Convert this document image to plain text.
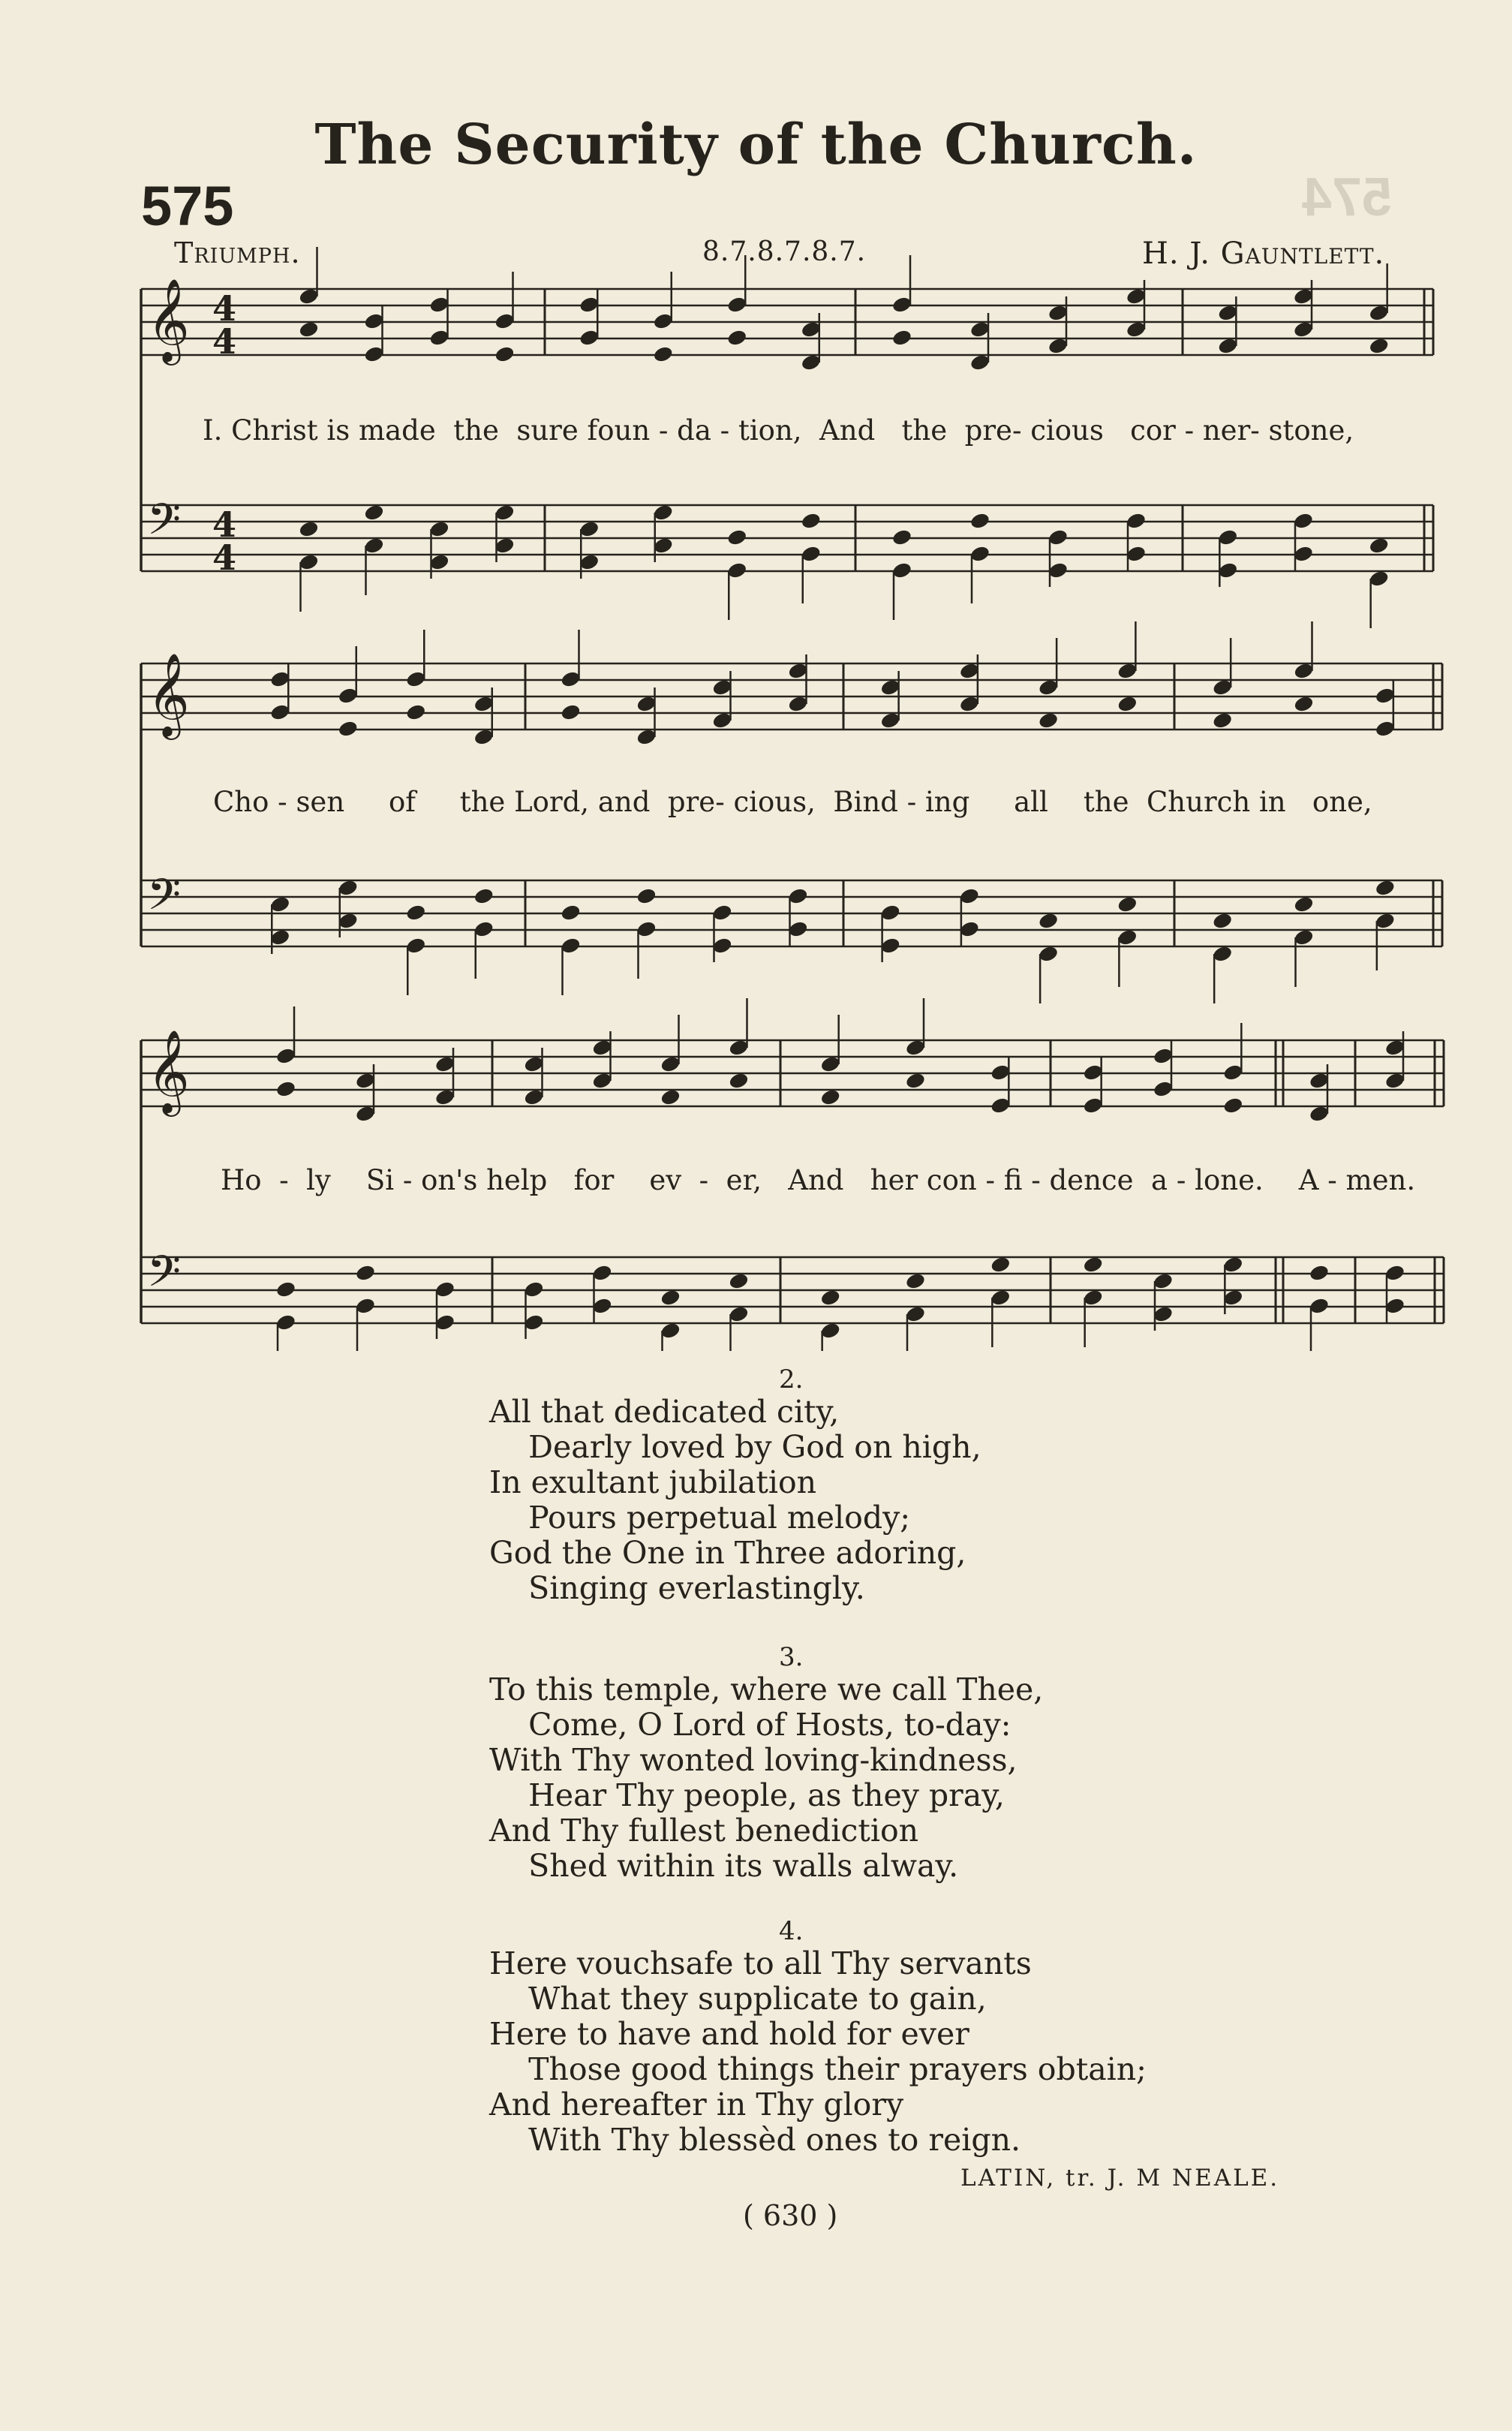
574
The Security of the Church.
575
Triumph.	8.7.8.7.8.7.	H. J. Gauntlett.
𝄞 4
4
𝄢 4
4
𝄞
𝄢
𝄞
𝄢
I. Christ is made  the  sure foun - da - tion,  And   the  pre- cious   cor - ner- stone,
Cho - sen     of     the Lord, and  pre- cious,  Bind - ing     all    the  Church in   one,
Ho  -  ly    Si - on's help   for    ev  -  er,   And   her con - fi - dence  a - lone.    A - men.
2.
All that dedicated city,
Dearly loved by God on high,
In exultant jubilation
Pours perpetual melody;
God the One in Three adoring,
Singing everlastingly.
3.
To this temple, where we call Thee,
Come, O Lord of Hosts, to-day:
With Thy wonted loving-kindness,
Hear Thy people, as they pray,
And Thy fullest benediction
Shed within its walls alway.
4.
Here vouchsafe to all Thy servants
What they supplicate to gain,
Here to have and hold for ever
Those good things their prayers obtain;
And hereafter in Thy glory
With Thy blessèd ones to reign.
LATIN, tr. J. M NEALE.
( 630 )
